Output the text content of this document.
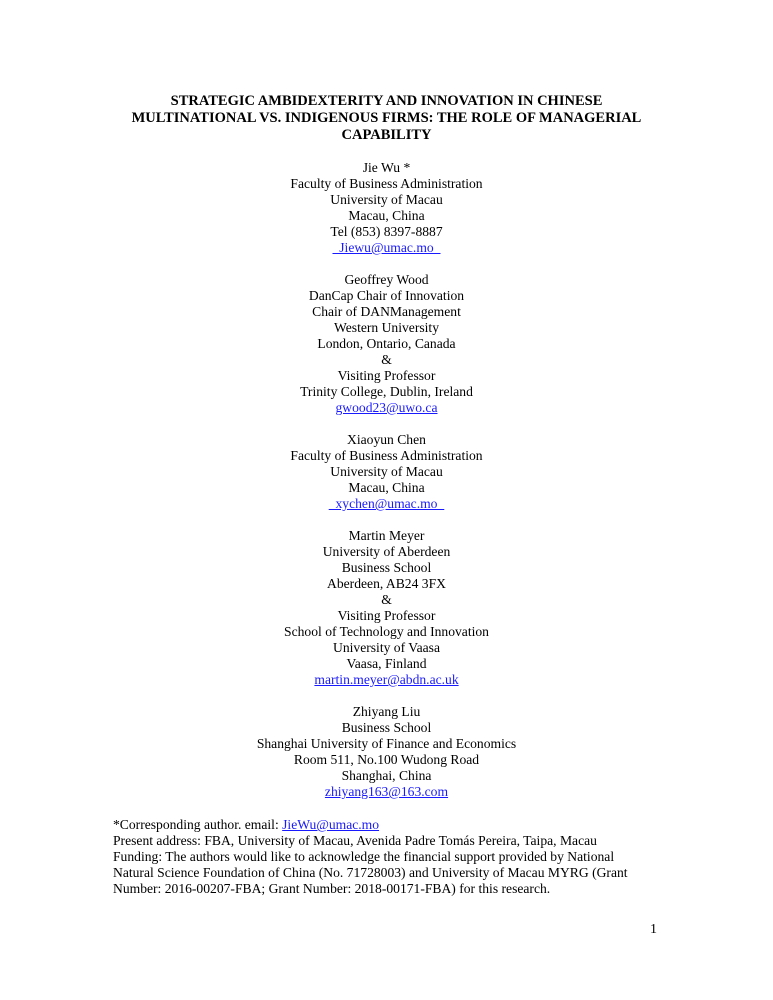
STRATEGIC AMBIDEXTERITY AND INNOVATION IN CHINESE
MULTINATIONAL VS. INDIGENOUS FIRMS: THE ROLE OF MANAGERIAL
CAPABILITY
Jie Wu *
Faculty of Business Administration
University of Macau
Macau, China
Tel (853) 8397-8887
Jiewu@umac.mo
Geoffrey Wood
DanCap Chair of Innovation
Chair of DANManagement
Western University
London, Ontario, Canada
&
Visiting Professor
Trinity College, Dublin, Ireland
gwood23@uwo.ca
Xiaoyun Chen
Faculty of Business Administration
University of Macau
Macau, China
xychen@umac.mo
Martin Meyer
University of Aberdeen
Business School
Aberdeen, AB24 3FX
&
Visiting Professor
School of Technology and Innovation
University of Vaasa
Vaasa, Finland
martin.meyer@abdn.ac.uk
Zhiyang Liu
Business School
Shanghai University of Finance and Economics
Room 511, No.100 Wudong Road
Shanghai, China
zhiyang163@163.com
*Corresponding author. email: JieWu@umac.mo
Present address: FBA, University of Macau, Avenida Padre Tomás Pereira, Taipa, Macau
Funding: The authors would like to acknowledge the financial support provided by National
Natural Science Foundation of China (No. 71728003) and University of Macau MYRG (Grant
Number: 2016-00207-FBA; Grant Number: 2018-00171-FBA) for this research.
1
